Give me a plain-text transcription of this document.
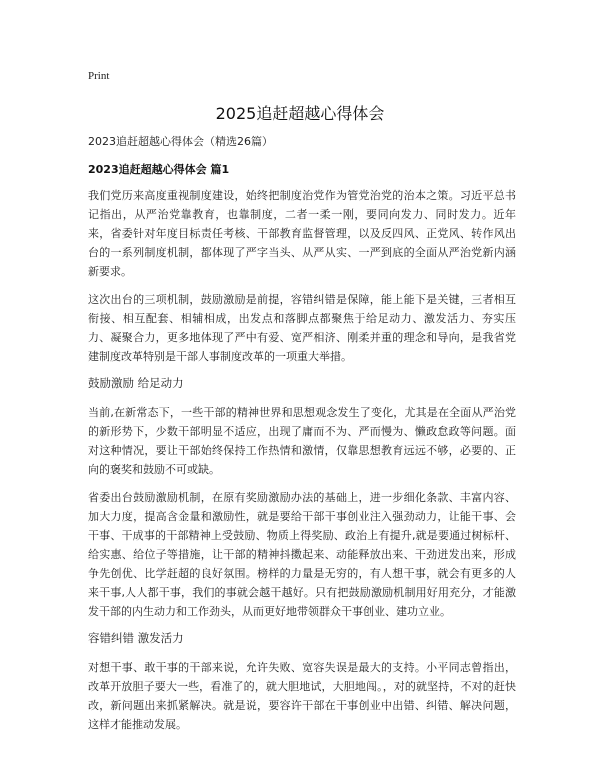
Print
2025追赶超越心得体会

2023追赶超越心得体会（精选26篇）

2023追赶超越心得体会 篇1

我们党历来高度重视制度建设，始终把制度治党作为管党治党的治本之策。习近平总书记指出，从严治党靠教育，也靠制度，二者一柔一刚，要同向发力、同时发力。近年来，省委针对年度目标责任考核、干部教育监督管理，以及反四风、正党风、转作风出台的一系列制度机制，都体现了严字当头、从严从实、一严到底的全面从严治党新内涵新要求。

这次出台的三项机制，鼓励激励是前提，容错纠错是保障，能上能下是关键，三者相互衔接、相互配套、相辅相成，出发点和落脚点都聚焦于给足动力、激发活力、夯实压力、凝聚合力，更多地体现了严中有爱、宽严相济、刚柔并重的理念和导向，是我省党建制度改革特别是干部人事制度改革的一项重大举措。

鼓励激励 给足动力

当前,在新常态下，一些干部的精神世界和思想观念发生了变化，尤其是在全面从严治党的新形势下，少数干部明显不适应，出现了庸而不为、严而慢为、懒政怠政等问题。面对这种情况，要让干部始终保持工作热情和激情，仅靠思想教育远远不够，必要的、正向的褒奖和鼓励不可或缺。

省委出台鼓励激励机制，在原有奖励激励办法的基础上，进一步细化条款、丰富内容、加大力度，提高含金量和激励性，就是要给干部干事创业注入强劲动力，让能干事、会干事、干成事的干部精神上受鼓励、物质上得奖励、政治上有提升,就是要通过树标杆、给实惠、给位子等措施，让干部的精神抖擞起来、动能释放出来、干劲迸发出来，形成争先创优、比学赶超的良好氛围。榜样的力量是无穷的，有人想干事，就会有更多的人来干事,人人都干事，我们的事就会越干越好。只有把鼓励激励机制用好用充分，才能激发干部的内生动力和工作劲头，从而更好地带领群众干事创业、建功立业。

容错纠错 激发活力

对想干事、敢干事的干部来说，允许失败、宽容失误是最大的支持。小平同志曾指出，改革开放胆子要大一些，看准了的，就大胆地试，大胆地闯。，对的就坚持，不对的赶快改，新问题出来抓紧解决。就是说，要容许干部在干事创业中出错、纠错、解决问题，这样才能推动发展。
